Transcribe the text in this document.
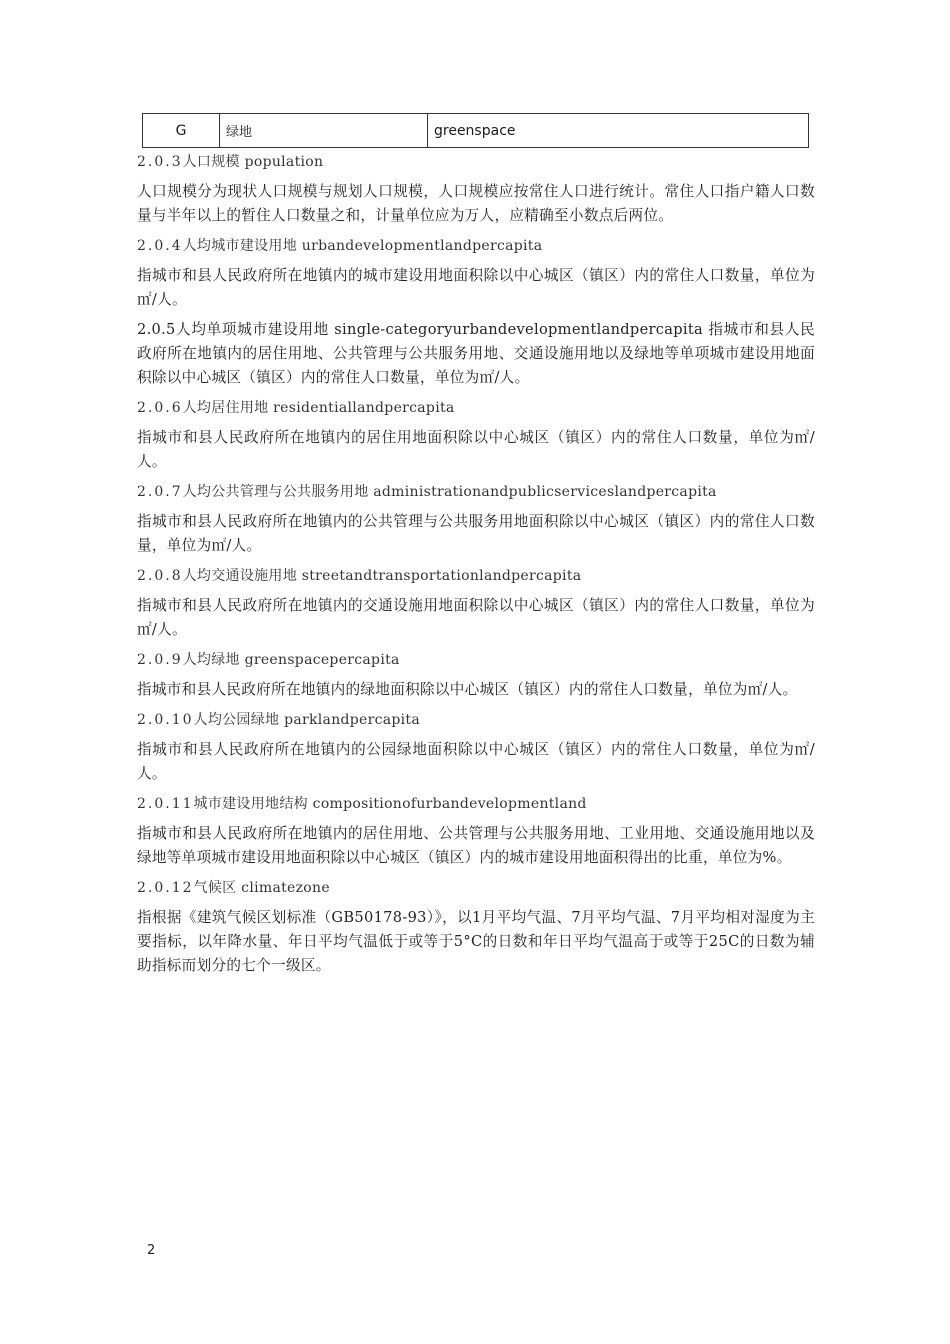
G	绿地	greenspace

2.0.3人口规模 population

人口规模分为现状人口规模与规划人口规模，人口规模应按常住人口进行统计。常住人口指户籍人口数量与半年以上的暂住人口数量之和，计量单位应为万人，应精确至小数点后两位。

2.0.4人均城市建设用地 urbandevelopmentlandpercapita

指城市和县人民政府所在地镇内的城市建设用地面积除以中心城区（镇区）内的常住人口数量，单位为㎡/人。

2.0.5人均单项城市建设用地 single-categoryurbandevelopmentlandpercapita 指城市和县人民政府所在地镇内的居住用地、公共管理与公共服务用地、交通设施用地以及绿地等单项城市建设用地面积除以中心城区（镇区）内的常住人口数量，单位为㎡/人。

2.0.6人均居住用地 residentiallandpercapita

指城市和县人民政府所在地镇内的居住用地面积除以中心城区（镇区）内的常住人口数量，单位为㎡/人。

2.0.7人均公共管理与公共服务用地 administrationandpublicserviceslandpercapita

指城市和县人民政府所在地镇内的公共管理与公共服务用地面积除以中心城区（镇区）内的常住人口数量，单位为㎡/人。

2.0.8人均交通设施用地 streetandtransportationlandpercapita

指城市和县人民政府所在地镇内的交通设施用地面积除以中心城区（镇区）内的常住人口数量，单位为㎡/人。

2.0.9人均绿地 greenspacepercapita

指城市和县人民政府所在地镇内的绿地面积除以中心城区（镇区）内的常住人口数量，单位为㎡/人。

2.0.10人均公园绿地 parklandpercapita

指城市和县人民政府所在地镇内的公园绿地面积除以中心城区（镇区）内的常住人口数量，单位为㎡/人。

2.0.11城市建设用地结构 compositionofurbandevelopmentland

指城市和县人民政府所在地镇内的居住用地、公共管理与公共服务用地、工业用地、交通设施用地以及绿地等单项城市建设用地面积除以中心城区（镇区）内的城市建设用地面积得出的比重，单位为%。

2.0.12气候区 climatezone

指根据《建筑气候区划标准（GB50178-93）》，以1月平均气温、7月平均气温、7月平均相对湿度为主要指标，以年降水量、年日平均气温低于或等于5°C的日数和年日平均气温高于或等于25C的日数为辅助指标而划分的七个一级区。

2
